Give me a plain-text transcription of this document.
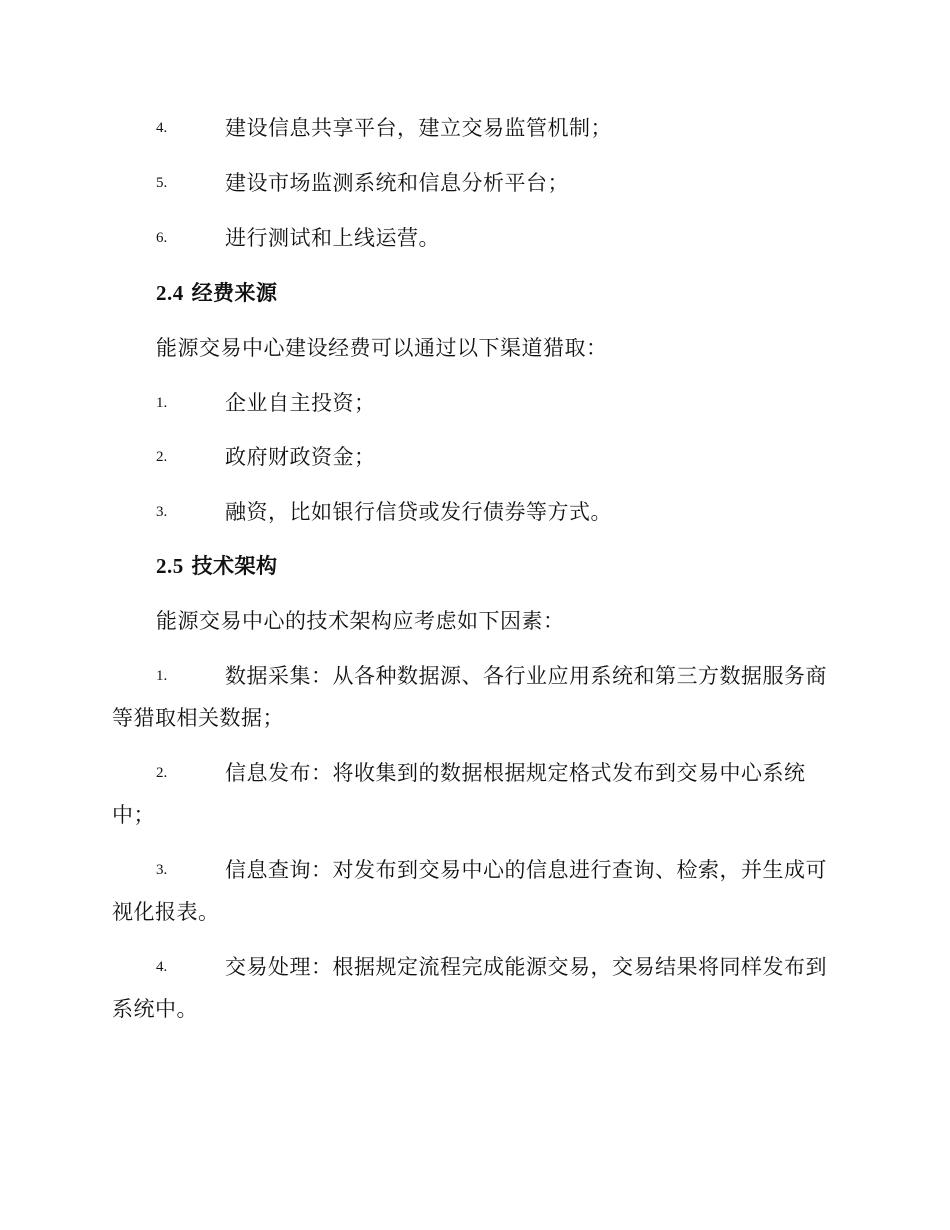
4.	建设信息共享平台，建立交易监管机制；
5.	建设市场监测系统和信息分析平台；
6.	进行测试和上线运营。
2.4 经费来源
能源交易中心建设经费可以通过以下渠道猎取：
1.	企业自主投资；
2.	政府财政资金；
3.	融资，比如银行信贷或发行债券等方式。
2.5 技术架构
能源交易中心的技术架构应考虑如下因素：
1.	数据采集：从各种数据源、各行业应用系统和第三方数据服务商
等猎取相关数据；
2.	信息发布：将收集到的数据根据规定格式发布到交易中心系统
中；
3.	信息查询：对发布到交易中心的信息进行查询、检索，并生成可
视化报表。
4.	交易处理：根据规定流程完成能源交易，交易结果将同样发布到
系统中。
